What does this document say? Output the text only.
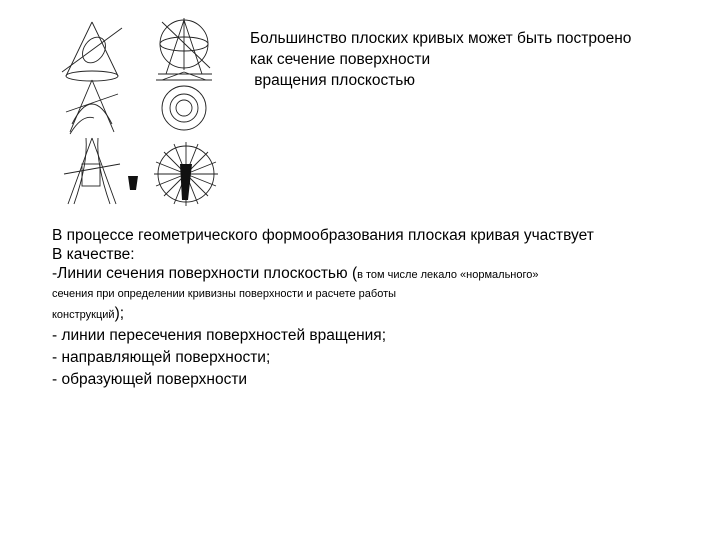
Большинство плоских кривых может быть построено

как сечение поверхности

вращения плоскостью

В процессе геометрического формообразования плоская кривая участвует

В качестве:

-Линии сечения поверхности плоскостью (в том числе лекало «нормального»

сечения при определении кривизны поверхности и расчете работы

конструкций);

- линии пересечения поверхностей вращения;

- направляющей поверхности;

- образующей поверхности
